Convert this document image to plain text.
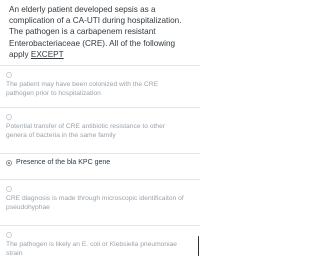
An elderly patient developed sepsis as a complication of a CA-UTI during hospitalization. The pathogen is a carbapenem resistant Enterobacteriaceae (CRE). All of the following apply EXCEPT
The patient may have been colonized with the CRE pathogen prior to hospitalization
Potential transfer of CRE antibiotic resistance to other genera of bacteria in the same family
Presence of the bla KPC gene
CRE diagnosis is made through microscopic identificaiton of pseudohyphae
The pathogen is likely an E. coli or Klebsiella pneumoniae strain
